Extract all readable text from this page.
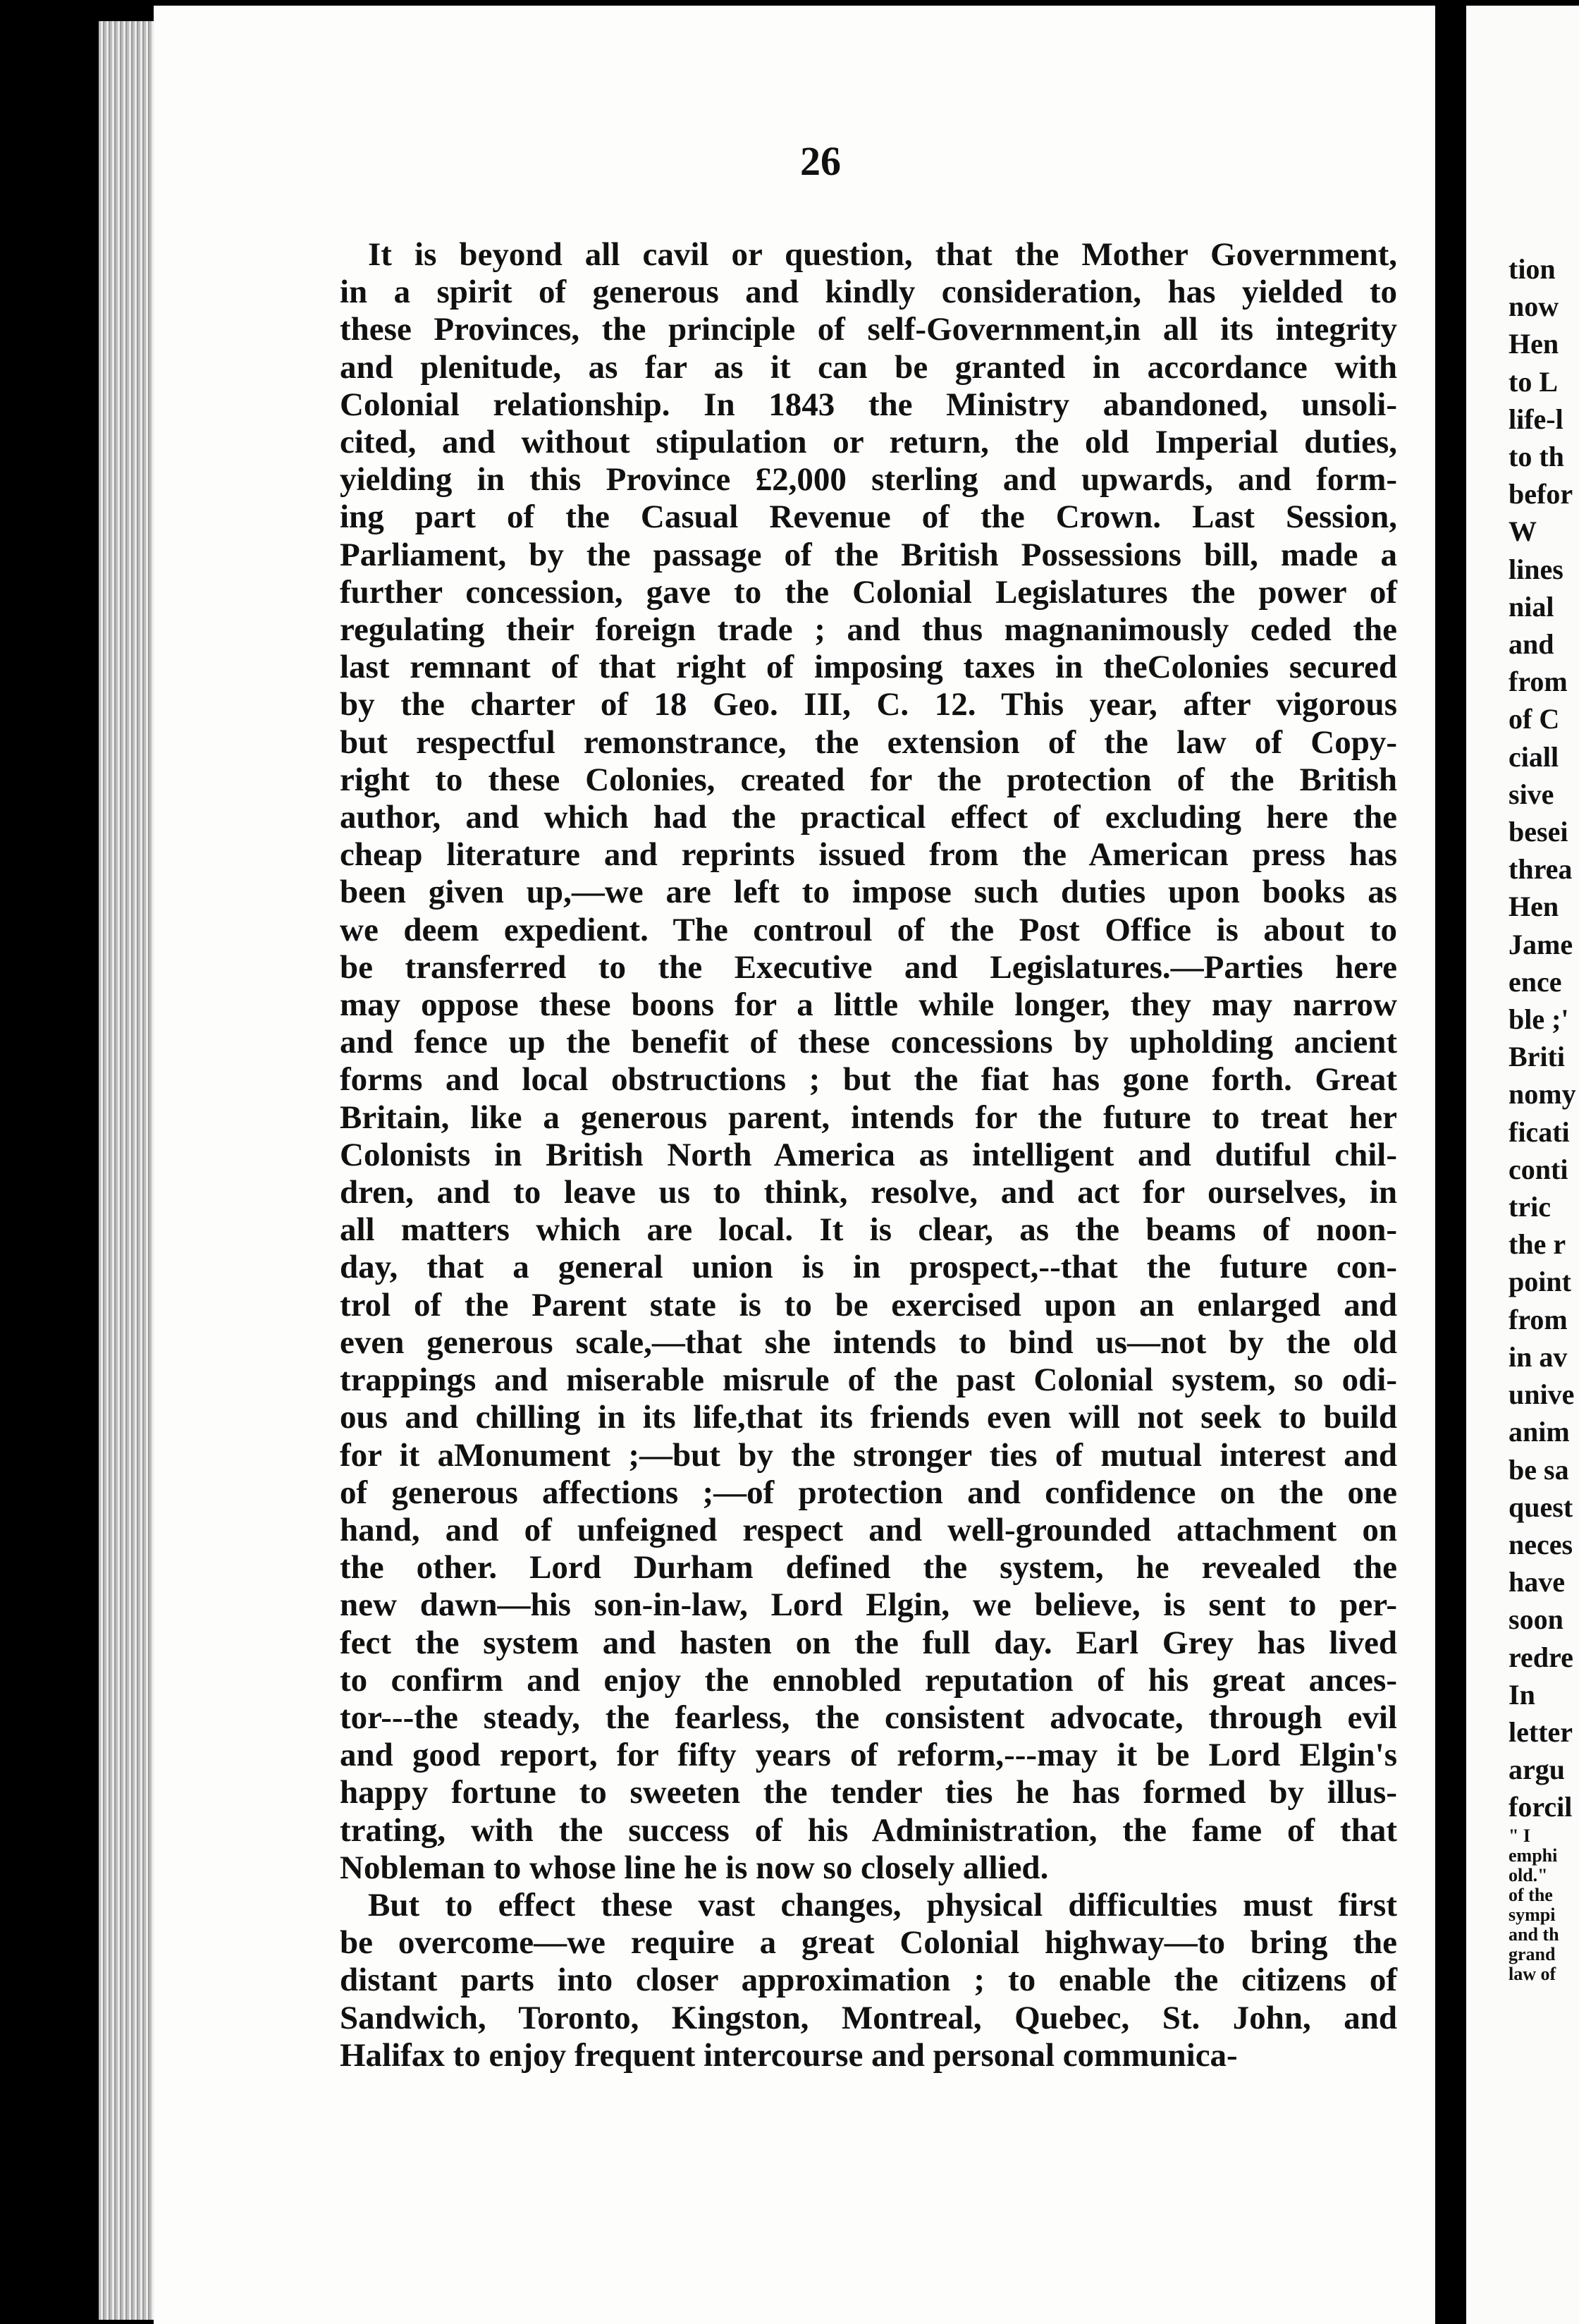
26
It is beyond all cavil or question, that the Mother Government,
in a spirit of generous and kindly consideration, has yielded to
these Provinces, the principle of self-Government,in all its integrity
and plenitude, as far as it can be granted in accordance with
Colonial relationship. In 1843 the Ministry abandoned, unsoli-
cited, and without stipulation or return, the old Imperial duties,
yielding in this Province £2,000 sterling and upwards, and form-
ing part of the Casual Revenue of the Crown. Last Session,
Parliament, by the passage of the British Possessions bill, made a
further concession, gave to the Colonial Legislatures the power of
regulating their foreign trade ; and thus magnanimously ceded the
last remnant of that right of imposing taxes in theColonies secured
by the charter of 18 Geo. III, C. 12. This year, after vigorous
but respectful remonstrance, the extension of the law of Copy-
right to these Colonies, created for the protection of the British
author, and which had the practical effect of excluding here the
cheap literature and reprints issued from the American press has
been given up,—we are left to impose such duties upon books as
we deem expedient. The controul of the Post Office is about to
be transferred to the Executive and Legislatures.—Parties here
may oppose these boons for a little while longer, they may narrow
and fence up the benefit of these concessions by upholding ancient
forms and local obstructions ; but the fiat has gone forth. Great
Britain, like a generous parent, intends for the future to treat her
Colonists in British North America as intelligent and dutiful chil-
dren, and to leave us to think, resolve, and act for ourselves, in
all matters which are local. It is clear, as the beams of noon-
day, that a general union is in prospect,--that the future con-
trol of the Parent state is to be exercised upon an enlarged and
even generous scale,—that she intends to bind us—not by the old
trappings and miserable misrule of the past Colonial system, so odi-
ous and chilling in its life,that its friends even will not seek to build
for it aMonument ;—but by the stronger ties of mutual interest and
of generous affections ;—of protection and confidence on the one
hand, and of unfeigned respect and well-grounded attachment on
the other. Lord Durham defined the system, he revealed the
new dawn—his son-in-law, Lord Elgin, we believe, is sent to per-
fect the system and hasten on the full day. Earl Grey has lived
to confirm and enjoy the ennobled reputation of his great ances-
tor---the steady, the fearless, the consistent advocate, through evil
and good report, for fifty years of reform,---may it be Lord Elgin's
happy fortune to sweeten the tender ties he has formed by illus-
trating, with the success of his Administration, the fame of that
Nobleman to whose line he is now so closely allied.
But to effect these vast changes, physical difficulties must first
be overcome—we require a great Colonial highway—to bring the
distant parts into closer approximation ; to enable the citizens of
Sandwich, Toronto, Kingston, Montreal, Quebec, St. John, and
Halifax to enjoy frequent intercourse and personal communica-
tion
now
Hen
to L
life-l
to th
befor
W
lines
nial
and
from
of C
ciall
sive
besei
threa
Hen
Jame
ence
ble ;'
Briti
nomy
ficati
conti
tric
the r
point
from
in av
unive
anim
be sa
quest
neces
have
soon
redre
In
letter
argu
forcil
" I
emphi
old."
of the
sympi
and th
grand
law of
